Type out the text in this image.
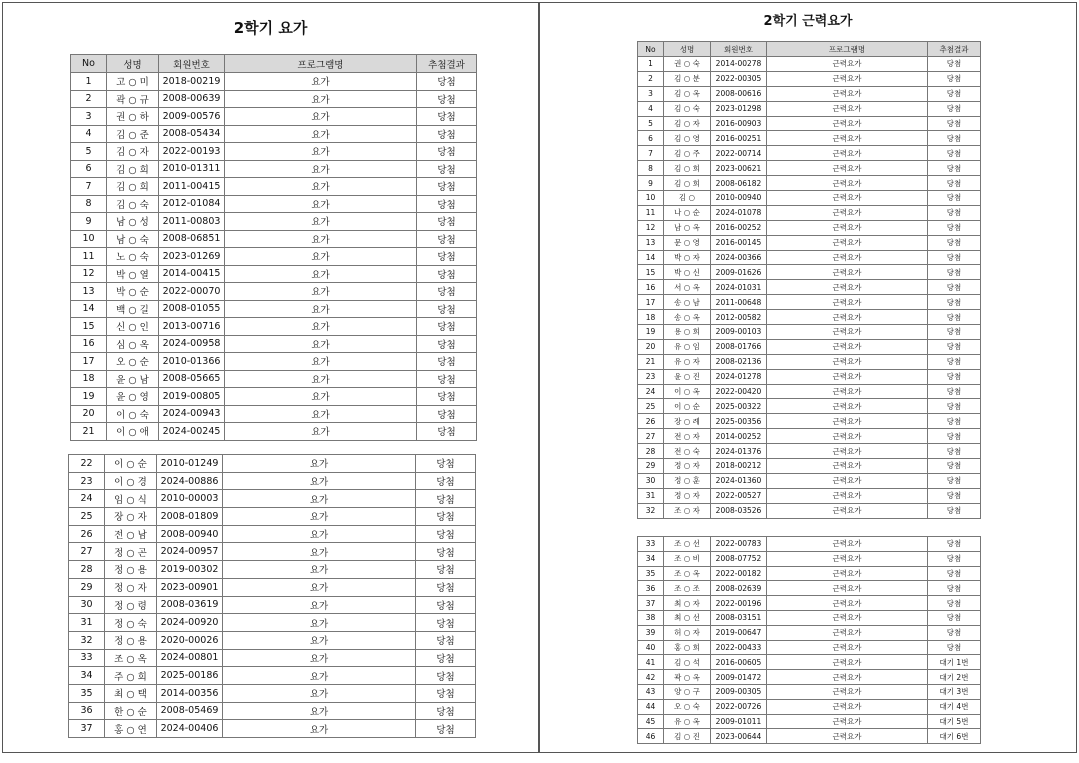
2학기 요가
No	성명	회원번호	프로그램명	추첨결과
1	고 ○ 미	2018-00219	요가	당첨
2	곽 ○ 규	2008-00639	요가	당첨
3	권 ○ 하	2009-00576	요가	당첨
4	김 ○ 준	2008-05434	요가	당첨
5	김 ○ 자	2022-00193	요가	당첨
6	김 ○ 희	2010-01311	요가	당첨
7	김 ○ 희	2011-00415	요가	당첨
8	김 ○ 숙	2012-01084	요가	당첨
9	남 ○ 성	2011-00803	요가	당첨
10	남 ○ 숙	2008-06851	요가	당첨
11	노 ○ 숙	2023-01269	요가	당첨
12	박 ○ 열	2014-00415	요가	당첨
13	박 ○ 순	2022-00070	요가	당첨
14	백 ○ 길	2008-01055	요가	당첨
15	신 ○ 인	2013-00716	요가	당첨
16	심 ○ 옥	2024-00958	요가	당첨
17	오 ○ 순	2010-01366	요가	당첨
18	윤 ○ 남	2008-05665	요가	당첨
19	윤 ○ 영	2019-00805	요가	당첨
20	이 ○ 숙	2024-00943	요가	당첨
21	이 ○ 애	2024-00245	요가	당첨
22	이 ○ 순	2010-01249	요가	당첨
23	이 ○ 경	2024-00886	요가	당첨
24	임 ○ 식	2010-00003	요가	당첨
25	장 ○ 자	2008-01809	요가	당첨
26	전 ○ 남	2008-00940	요가	당첨
27	정 ○ 곤	2024-00957	요가	당첨
28	정 ○ 용	2019-00302	요가	당첨
29	정 ○ 자	2023-00901	요가	당첨
30	정 ○ 령	2008-03619	요가	당첨
31	정 ○ 숙	2024-00920	요가	당첨
32	정 ○ 용	2020-00026	요가	당첨
33	조 ○ 옥	2024-00801	요가	당첨
34	주 ○ 희	2025-00186	요가	당첨
35	최 ○ 택	2014-00356	요가	당첨
36	한 ○ 순	2008-05469	요가	당첨
37	홍 ○ 연	2024-00406	요가	당첨
2학기 근력요가
No	성명	회원번호	프로그램명	추첨결과
1	권 ○ 숙	2014-00278	근력요가	당첨
2	김 ○ 분	2022-00305	근력요가	당첨
3	김 ○ 옥	2008-00616	근력요가	당첨
4	김 ○ 숙	2023-01298	근력요가	당첨
5	김 ○ 자	2016-00903	근력요가	당첨
6	김 ○ 영	2016-00251	근력요가	당첨
7	김 ○ 주	2022-00714	근력요가	당첨
8	김 ○ 희	2023-00621	근력요가	당첨
9	김 ○ 희	2008-06182	근력요가	당첨
10	김 ○	2010-00940	근력요가	당첨
11	나 ○ 순	2024-01078	근력요가	당첨
12	남 ○ 옥	2016-00252	근력요가	당첨
13	문 ○ 영	2016-00145	근력요가	당첨
14	박 ○ 자	2024-00366	근력요가	당첨
15	박 ○ 신	2009-01626	근력요가	당첨
16	서 ○ 옥	2024-01031	근력요가	당첨
17	송 ○ 남	2011-00648	근력요가	당첨
18	송 ○ 옥	2012-00582	근력요가	당첨
19	용 ○ 희	2009-00103	근력요가	당첨
20	유 ○ 임	2008-01766	근력요가	당첨
21	유 ○ 자	2008-02136	근력요가	당첨
23	윤 ○ 진	2024-01278	근력요가	당첨
24	이 ○ 옥	2022-00420	근력요가	당첨
25	이 ○ 순	2025-00322	근력요가	당첨
26	장 ○ 례	2025-00356	근력요가	당첨
27	전 ○ 자	2014-00252	근력요가	당첨
28	전 ○ 숙	2024-01376	근력요가	당첨
29	정 ○ 자	2018-00212	근력요가	당첨
30	정 ○ 훈	2024-01360	근력요가	당첨
31	정 ○ 자	2022-00527	근력요가	당첨
32	조 ○ 자	2008-03526	근력요가	당첨
33	조 ○ 선	2022-00783	근력요가	당첨
34	조 ○ 비	2008-07752	근력요가	당첨
35	조 ○ 옥	2022-00182	근력요가	당첨
36	조 ○ 조	2008-02639	근력요가	당첨
37	최 ○ 자	2022-00196	근력요가	당첨
38	최 ○ 선	2008-03151	근력요가	당첨
39	허 ○ 자	2019-00647	근력요가	당첨
40	홍 ○ 희	2022-00433	근력요가	당첨
41	김 ○ 석	2016-00605	근력요가	대기 1번
42	곽 ○ 옥	2009-01472	근력요가	대기 2번
43	양 ○ 구	2009-00305	근력요가	대기 3번
44	오 ○ 숙	2022-00726	근력요가	대기 4번
45	유 ○ 옥	2009-01011	근력요가	대기 5번
46	김 ○ 진	2023-00644	근력요가	대기 6번
